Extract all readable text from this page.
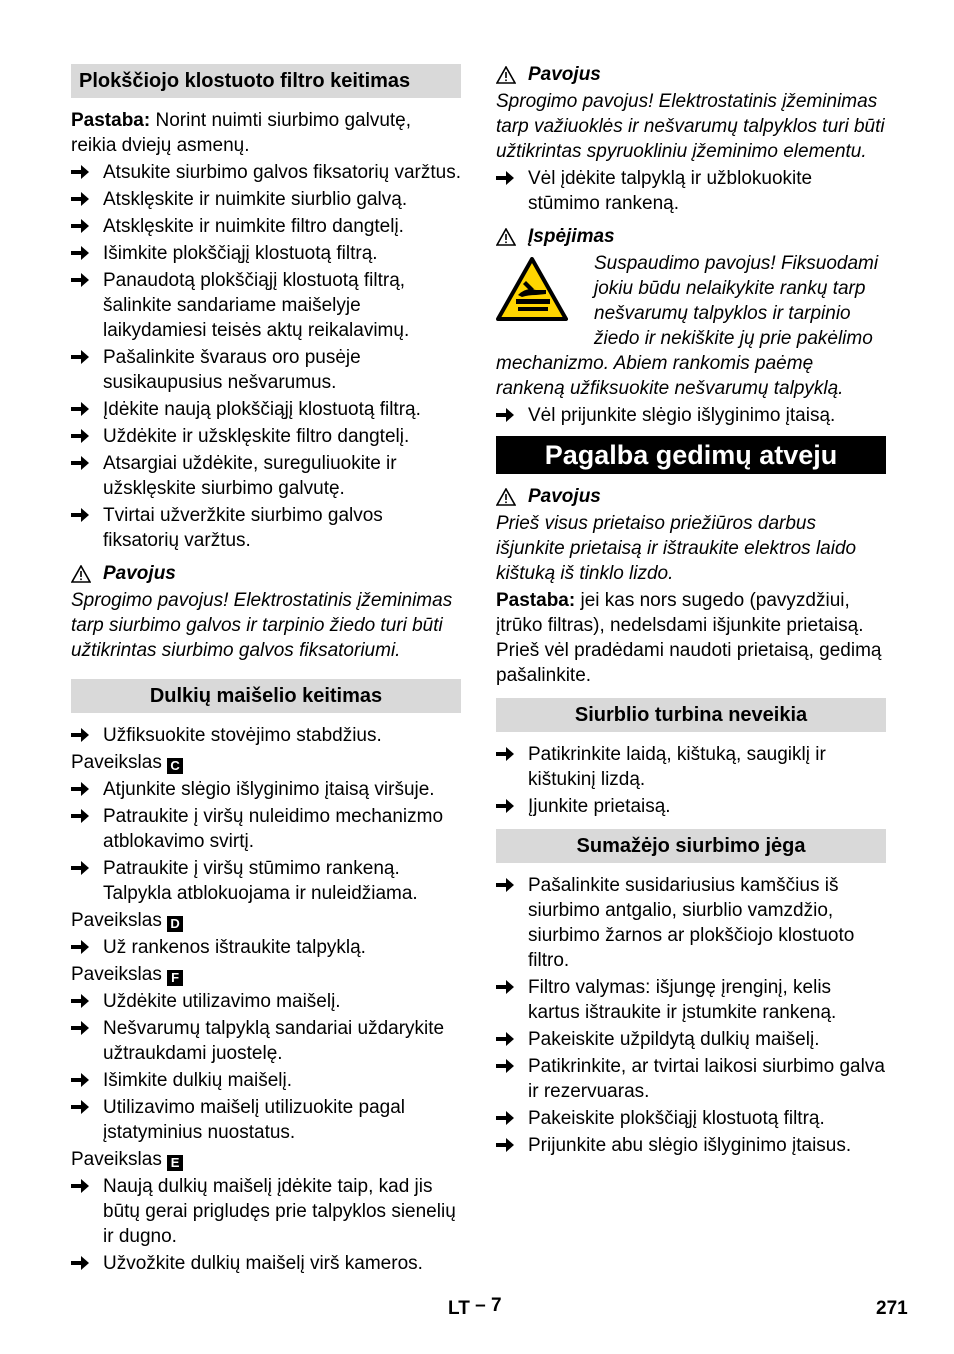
Plokščiojo klostuoto filtro keitimas
Pastaba: Norint nuimti siurbimo galvutę, reikia dviejų asmenų.
Atsukite siurbimo galvos fiksatorių varžtus.
Atsklęskite ir nuimkite siurblio galvą.
Atsklęskite ir nuimkite filtro dangtelį.
Išimkite plokščiąjį klostuotą filtrą.
Panaudotą plokščiąjį klostuotą filtrą, šalinkite sandariame maišelyje laikydamiesi teisės aktų reikalavimų.
Pašalinkite švaraus oro pusėje susikaupusius nešvarumus.
Įdėkite naują plokščiąjį klostuotą filtrą.
Uždėkite ir užsklęskite filtro dangtelį.
Atsargiai uždėkite, sureguliuokite ir užsklęskite siurbimo galvutę.
Tvirtai užveržkite siurbimo galvos fiksatorių varžtus.
Pavojus
Sprogimo pavojus! Elektrostatinis įžeminimas tarp siurbimo galvos ir tarpinio žiedo turi būti užtikrintas siurbimo galvos fiksatoriumi.
Dulkių maišelio keitimas
Užfiksuokite stovėjimo stabdžius.
Paveikslas C
Atjunkite slėgio išlyginimo įtaisą viršuje.
Patraukite į viršų nuleidimo mechanizmo atblokavimo svirtį.
Patraukite į viršų stūmimo rankeną. Talpykla atblokuojama ir nuleidžiama.
Paveikslas D
Už rankenos ištraukite talpyklą.
Paveikslas F
Uždėkite utilizavimo maišelį.
Nešvarumų talpyklą sandariai uždarykite užtraukdami juostelę.
Išimkite dulkių maišelį.
Utilizavimo maišelį utilizuokite pagal įstatyminius nuostatus.
Paveikslas E
Naują dulkių maišelį įdėkite taip, kad jis būtų gerai prigludęs prie talpyklos sienelių ir dugno.
Užvožkite dulkių maišelį virš kameros.
Pavojus
Sprogimo pavojus! Elektrostatinis įžeminimas tarp važiuoklės ir nešvarumų talpyklos turi būti užtikrintas spyruokliniu įžeminimo elementu.
Vėl įdėkite talpyklą ir užblokuokite stūmimo rankeną.
Įspėjimas
Suspaudimo pavojus! Fiksuodami jokiu būdu nelaikykite rankų tarp nešvarumų talpyklos ir tarpinio žiedo ir nekiškite jų prie pakėlimo mechanizmo. Abiem rankomis paėmę rankeną užfiksuokite nešvarumų talpyklą.
Vėl prijunkite slėgio išlyginimo įtaisą.
Pagalba gedimų atveju
Pavojus
Prieš visus prietaiso priežiūros darbus išjunkite prietaisą ir ištraukite elektros laido kištuką iš tinklo lizdo.
Pastaba: jei kas nors sugedo (pavyzdžiui, įtrūko filtras), nedelsdami išjunkite prietaisą. Prieš vėl pradėdami naudoti prietaisą, gedimą pašalinkite.
Siurblio turbina neveikia
Patikrinkite laidą, kištuką, saugiklį ir kištukinį lizdą.
Įjunkite prietaisą.
Sumažėjo siurbimo jėga
Pašalinkite susidariusius kamščius iš siurbimo antgalio, siurblio vamzdžio, siurbimo žarnos ar plokščiojo klostuoto filtro.
Filtro valymas: išjungę įrenginį, kelis kartus ištraukite ir įstumkite rankeną.
Pakeiskite užpildytą dulkių maišelį.
Patikrinkite, ar tvirtai laikosi siurbimo galva ir rezervuaras.
Pakeiskite plokščiąjį klostuotą filtrą.
Prijunkite abu slėgio išlyginimo įtaisus.
LT – 7	271
